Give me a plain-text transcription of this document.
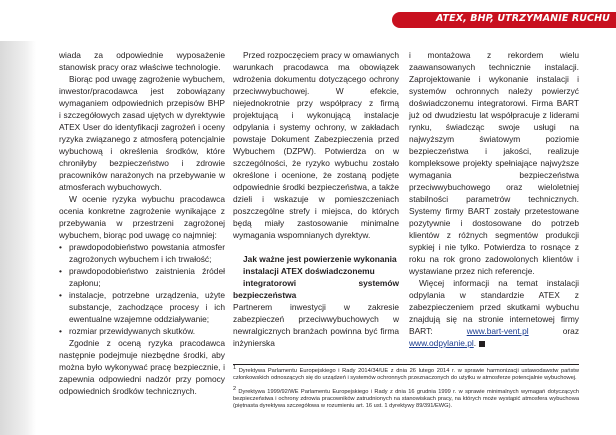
ATEX, BHP, UTRZYMANIE RUCHU

wiada za odpowiednie wyposażenie stanowisk pracy oraz właściwe technologie.

Biorąc pod uwagę zagrożenie wybuchem, inwestor/pracodawca jest zobowiązany wymaganiem odpowiednich przepisów BHP i szczegółowych zasad ujętych w dyrektywie ATEX User do identyfikacji zagrożeń i oceny ryzyka związanego z atmosferą potencjalnie wybuchową i określenia środków, które chroniłyby bezpieczeństwo i zdrowie pracowników narażonych na przebywanie w atmosferach wybuchowych.

W ocenie ryzyka wybuchu pracodawca ocenia konkretne zagrożenie wynikające z przebywania w przestrzeni zagrożonej wybuchem, biorąc pod uwagę co najmniej:

• prawdopodobieństwo powstania atmosfer zagrożonych wybuchem i ich trwałość;
• prawdopodobieństwo zaistnienia źródeł zapłonu;
• instalacje, potrzebne urządzenia, użyte substancje, zachodzące procesy i ich ewentualne wzajemne oddziaływanie;
• rozmiar przewidywanych skutków.

Zgodnie z oceną ryzyka pracodawca następnie podejmuje niezbędne środki, aby można było wykonywać pracę bezpiecznie, i zapewnia odpowiedni nadzór przy pomocy odpowiednich środków technicznych.

Przed rozpoczęciem pracy w omawianych warunkach pracodawca ma obowiązek wdrożenia dokumentu dotyczącego ochrony przeciwwybuchowej. W efekcie, niejednokrotnie przy współpracy z firmą projektującą i wykonującą instalacje odpylania i systemy ochrony, w zakładach powstaje Dokument Zabezpieczenia przed Wybuchem (DZPW). Potwierdza on w szczególności, że ryzyko wybuchu zostało określone i ocenione, że zostaną podjęte odpowiednie środki bezpieczeństwa, a także dzieli i wskazuje w pomieszczeniach poszczególne strefy i miejsca, do których będą miały zastosowanie minimalne wymagania wspomnianych dyrektyw.

Jak ważne jest powierzenie wykonania
instalacji ATEX doświadczonemu
integratorowi systemów bezpieczeństwa

Partnerem inwestycji w zakresie zabezpieczeń przeciwwybuchowych w newralgicznych branżach powinna być firma inżynierska

i montażowa z rekordem wielu zaawansowanych technicznie instalacji. Zaprojektowanie i wykonanie instalacji i systemów ochronnych należy powierzyć doświadczonemu integratorowi. Firma BART już od dwudziestu lat współpracuje z liderami rynku, świadcząc swoje usługi na najwyższym światowym poziomie bezpieczeństwa i jakości, realizuje kompleksowe projekty spełniające najwyższe wymagania bezpieczeństwa przeciwwybuchowego oraz wieloletniej stabilności parametrów technicznych. Systemy firmy BART zostały przetestowane pozytywnie i dostosowane do potrzeb klientów z różnych segmentów produkcji sypkiej i nie tylko. Potwierdza to rosnące z roku na rok grono zadowolonych klientów i wystawiane przez nich referencje.

Więcej informacji na temat instalacji odpylania w standardzie ATEX z zabezpieczeniem przed skutkami wybuchu znajdują się na stronie internetowej firmy BART:	www.bart-vent.pl	oraz www.odpylanie.pl.

$^1$ Dyrektywa Parlamentu Europejskiego i Rady 2014/34/UE z dnia 26 lutego 2014 r. w sprawie harmonizacji ustawodawstw państw członkowskich odnoszących się do urządzeń i systemów ochronnych przeznaczonych do użytku w atmosferze potencjalnie wybuchowej.
$^2$ Dyrektywa 1999/92/WE Parlamentu Europejskiego i Rady z dnia 16 grudnia 1999 r. w sprawie minimalnych wymagań dotyczących bezpieczeństwa i ochrony zdrowia pracowników zatrudnionych na stanowiskach pracy, na których może wystąpić atmosfera wybuchowa (piętnasta dyrektywa szczegółowa w rozumieniu art. 16 ust. 1 dyrektywy 89/391/EWG).
